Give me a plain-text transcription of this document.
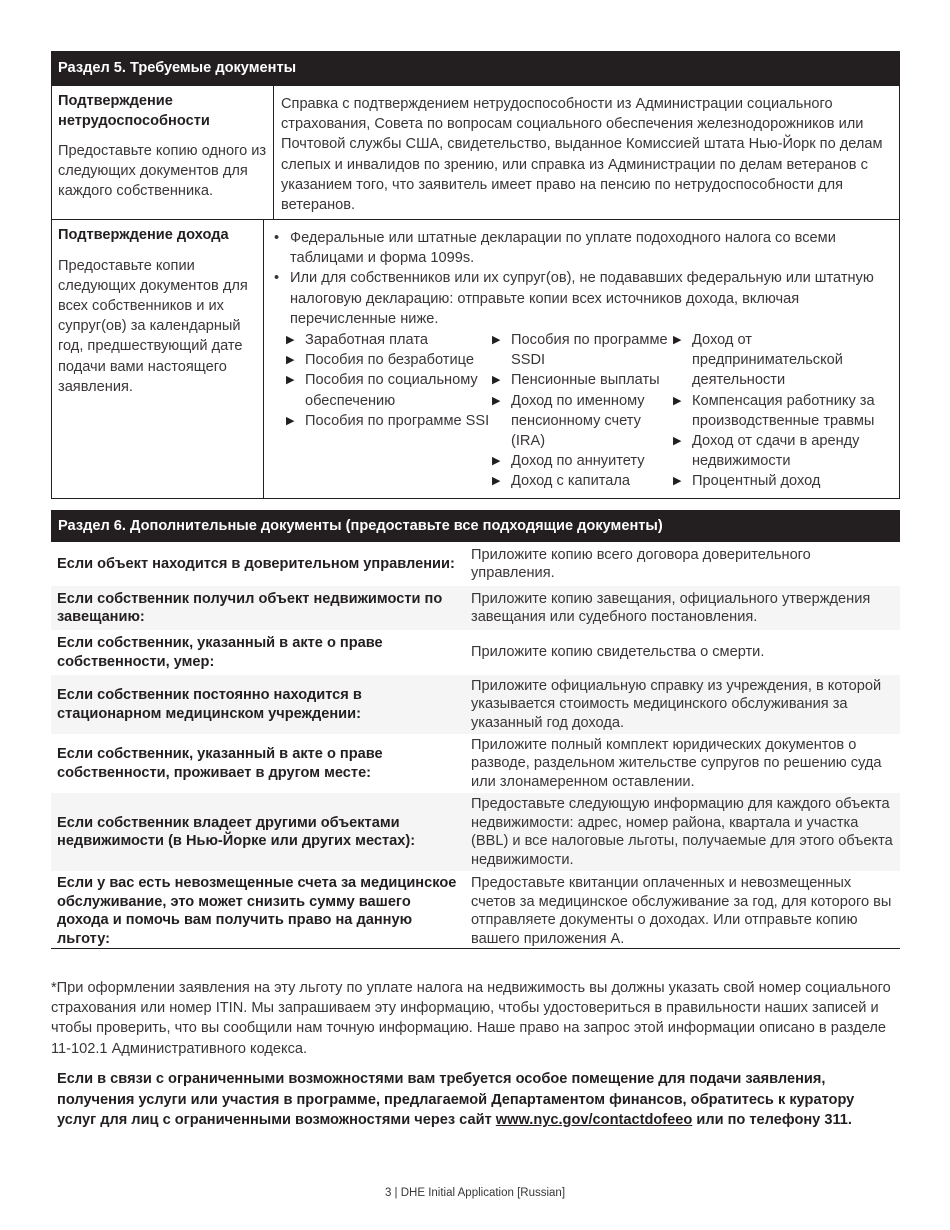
Раздел 5. Требуемые документы
Подтверждение нетрудоспособности
Предоставьте копию одного из следующих документов для каждого собственника.
Справка с подтверждением нетрудоспособности из Администрации социального страхования, Совета по вопросам социального обеспечения железнодорожников или Почтовой службы США, свидетельство, выданное Комиссией штата Нью-Йорк по делам слепых и инвалидов по зрению, или справка из Администрации по делам ветеранов с указанием того, что заявитель имеет право на пенсию по нетрудоспособности для ветеранов.
Подтверждение дохода
Предоставьте копии следующих документов для всех собственников и их супруг(ов) за календарный год, предшествующий дате подачи вами настоящего заявления.
• Федеральные или штатные декларации по уплате подоходного налога со всеми таблицами и форма 1099s.
• Или для собственников или их супруг(ов), не подававших федеральную или штатную налоговую декларацию: отправьте копии всех источников дохода, включая перечисленные ниже.
▶ Заработная плата
▶ Пособия по безработице
▶ Пособия по социальному обеспечению
▶ Пособия по программе SSI
▶ Пособия по программе SSDI
▶ Пенсионные выплаты
▶ Доход по именному пенсионному счету (IRA)
▶ Доход по аннуитету
▶ Доход с капитала
▶ Доход от предпринимательской деятельности
▶ Компенсация работнику за производственные травмы
▶ Доход от сдачи в аренду недвижимости
▶ Процентный доход
Раздел 6. Дополнительные документы (предоставьте все подходящие документы)
Если объект находится в доверительном управлении:
Приложите копию всего договора доверительного управления.
Если собственник получил объект недвижимости по завещанию:
Приложите копию завещания, официального утверждения завещания или судебного постановления.
Если собственник, указанный в акте о праве собственности, умер:
Приложите копию свидетельства о смерти.
Если собственник постоянно находится в стационарном медицинском учреждении:
Приложите официальную справку из учреждения, в которой указывается стоимость медицинского обслуживания за указанный год дохода.
Если собственник, указанный в акте о праве собственности, проживает в другом месте:
Приложите полный комплект юридических документов о разводе, раздельном жительстве супругов по решению суда или злонамеренном оставлении.
Если собственник владеет другими объектами недвижимости (в Нью-Йорке или других местах):
Предоставьте следующую информацию для каждого объекта недвижимости: адрес, номер района, квартала и участка (BBL) и все налоговые льготы, получаемые для этого объекта недвижимости.
Если у вас есть невозмещенные счета за медицинское обслуживание, это может снизить сумму вашего дохода и помочь вам получить право на данную льготу:
Предоставьте квитанции оплаченных и невозмещенных счетов за медицинское обслуживание за год, для которого вы отправляете документы о доходах. Или отправьте копию вашего приложения A.

*При оформлении заявления на эту льготу по уплате налога на недвижимость вы должны указать свой номер социального страхования или номер ITIN. Мы запрашиваем эту информацию, чтобы удостовериться в правильности наших записей и чтобы проверить, что вы сообщили нам точную информацию. Наше право на запрос этой информации описано в разделе 11-102.1 Административного кодекса.

Если в связи с ограниченными возможностями вам требуется особое помещение для подачи заявления, получения услуги или участия в программе, предлагаемой Департаментом финансов, обратитесь к куратору услуг для лиц с ограниченными возможностями через сайт www.nyc.gov/contactdofeeo или по телефону 311.
3 | DHE Initial Application [Russian]
